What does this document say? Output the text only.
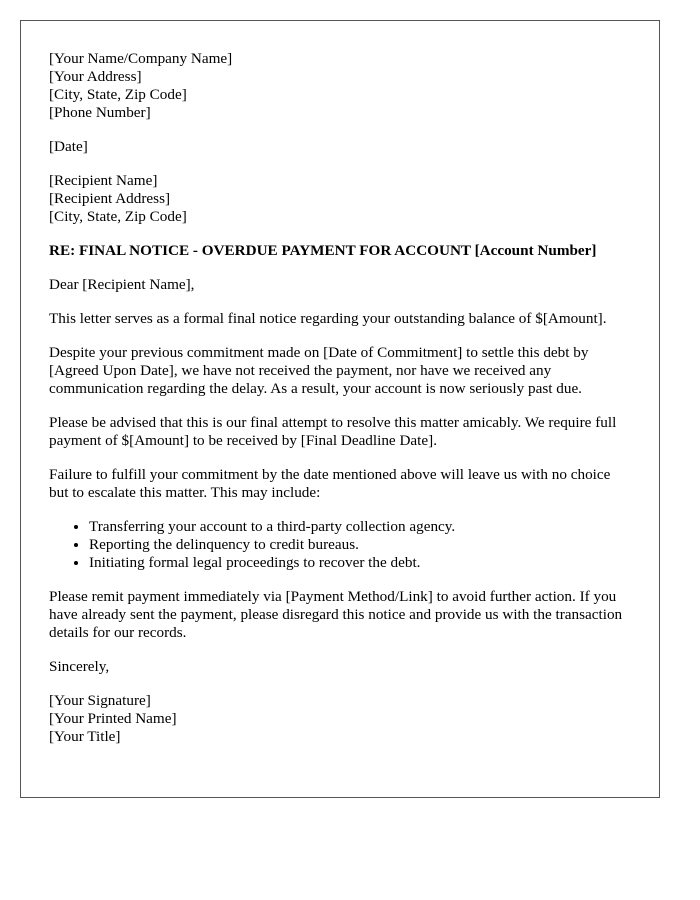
[Your Name/Company Name]
[Your Address]
[City, State, Zip Code]
[Phone Number]
[Date]
[Recipient Name]
[Recipient Address]
[City, State, Zip Code]

RE: FINAL NOTICE - OVERDUE PAYMENT FOR ACCOUNT [Account Number]

Dear [Recipient Name],

This letter serves as a formal final notice regarding your outstanding balance of $[Amount].

Despite your previous commitment made on [Date of Commitment] to settle this debt by [Agreed Upon Date], we have not received the payment, nor have we received any communication regarding the delay. As a result, your account is now seriously past due.

Please be advised that this is our final attempt to resolve this matter amicably. We require full payment of $[Amount] to be received by [Final Deadline Date].

Failure to fulfill your commitment by the date mentioned above will leave us with no choice but to escalate this matter. This may include:

• Transferring your account to a third-party collection agency.
• Reporting the delinquency to credit bureaus.
• Initiating formal legal proceedings to recover the debt.

Please remit payment immediately via [Payment Method/Link] to avoid further action. If you have already sent the payment, please disregard this notice and provide us with the transaction details for our records.

Sincerely,

[Your Signature]
[Your Printed Name]
[Your Title]
